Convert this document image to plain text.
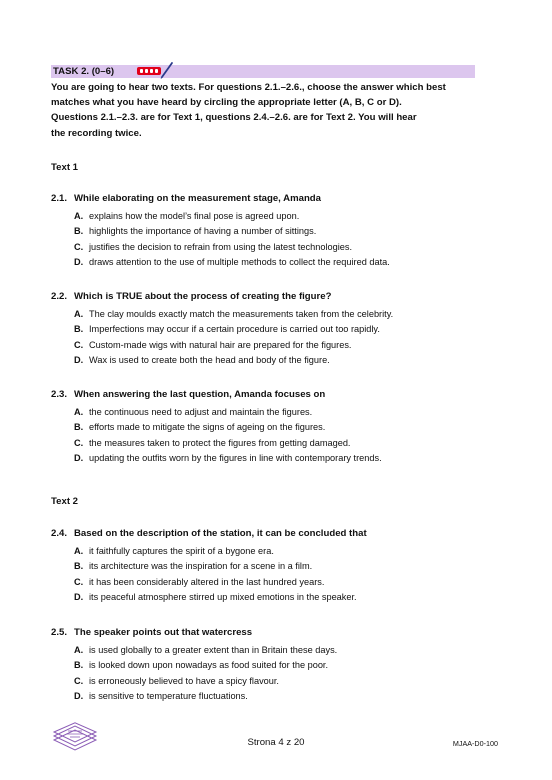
TASK 2. (0–6)
You are going to hear two texts. For questions 2.1.–2.6., choose the answer which best
matches what you have heard by circling the appropriate letter (A, B, C or D).
Questions 2.1.–2.3. are for Text 1, questions 2.4.–2.6. are for Text 2. You will hear
the recording twice.
Text 1
2.1. While elaborating on the measurement stage, Amanda
A. explains how the model’s final pose is agreed upon.
B. highlights the importance of having a number of sittings.
C. justifies the decision to refrain from using the latest technologies.
D. draws attention to the use of multiple methods to collect the required data.
2.2. Which is TRUE about the process of creating the figure?
A. The clay moulds exactly match the measurements taken from the celebrity.
B. Imperfections may occur if a certain procedure is carried out too rapidly.
C. Custom-made wigs with natural hair are prepared for the figures.
D. Wax is used to create both the head and body of the figure.
2.3. When answering the last question, Amanda focuses on
A. the continuous need to adjust and maintain the figures.
B. efforts made to mitigate the signs of ageing on the figures.
C. the measures taken to protect the figures from getting damaged.
D. updating the outfits worn by the figures in line with contemporary trends.
Text 2
2.4. Based on the description of the station, it can be concluded that
A. it faithfully captures the spirit of a bygone era.
B. its architecture was the inspiration for a scene in a film.
C. it has been considerably altered in the last hundred years.
D. its peaceful atmosphere stirred up mixed emotions in the speaker.
2.5. The speaker points out that watercress
A. is used globally to a greater extent than in Britain these days.
B. is looked down upon nowadays as food suited for the poor.
C. is erroneously believed to have a spicy flavour.
D. is sensitive to temperature fluctuations.
Strona 4 z 20	MJAA-D0-100
